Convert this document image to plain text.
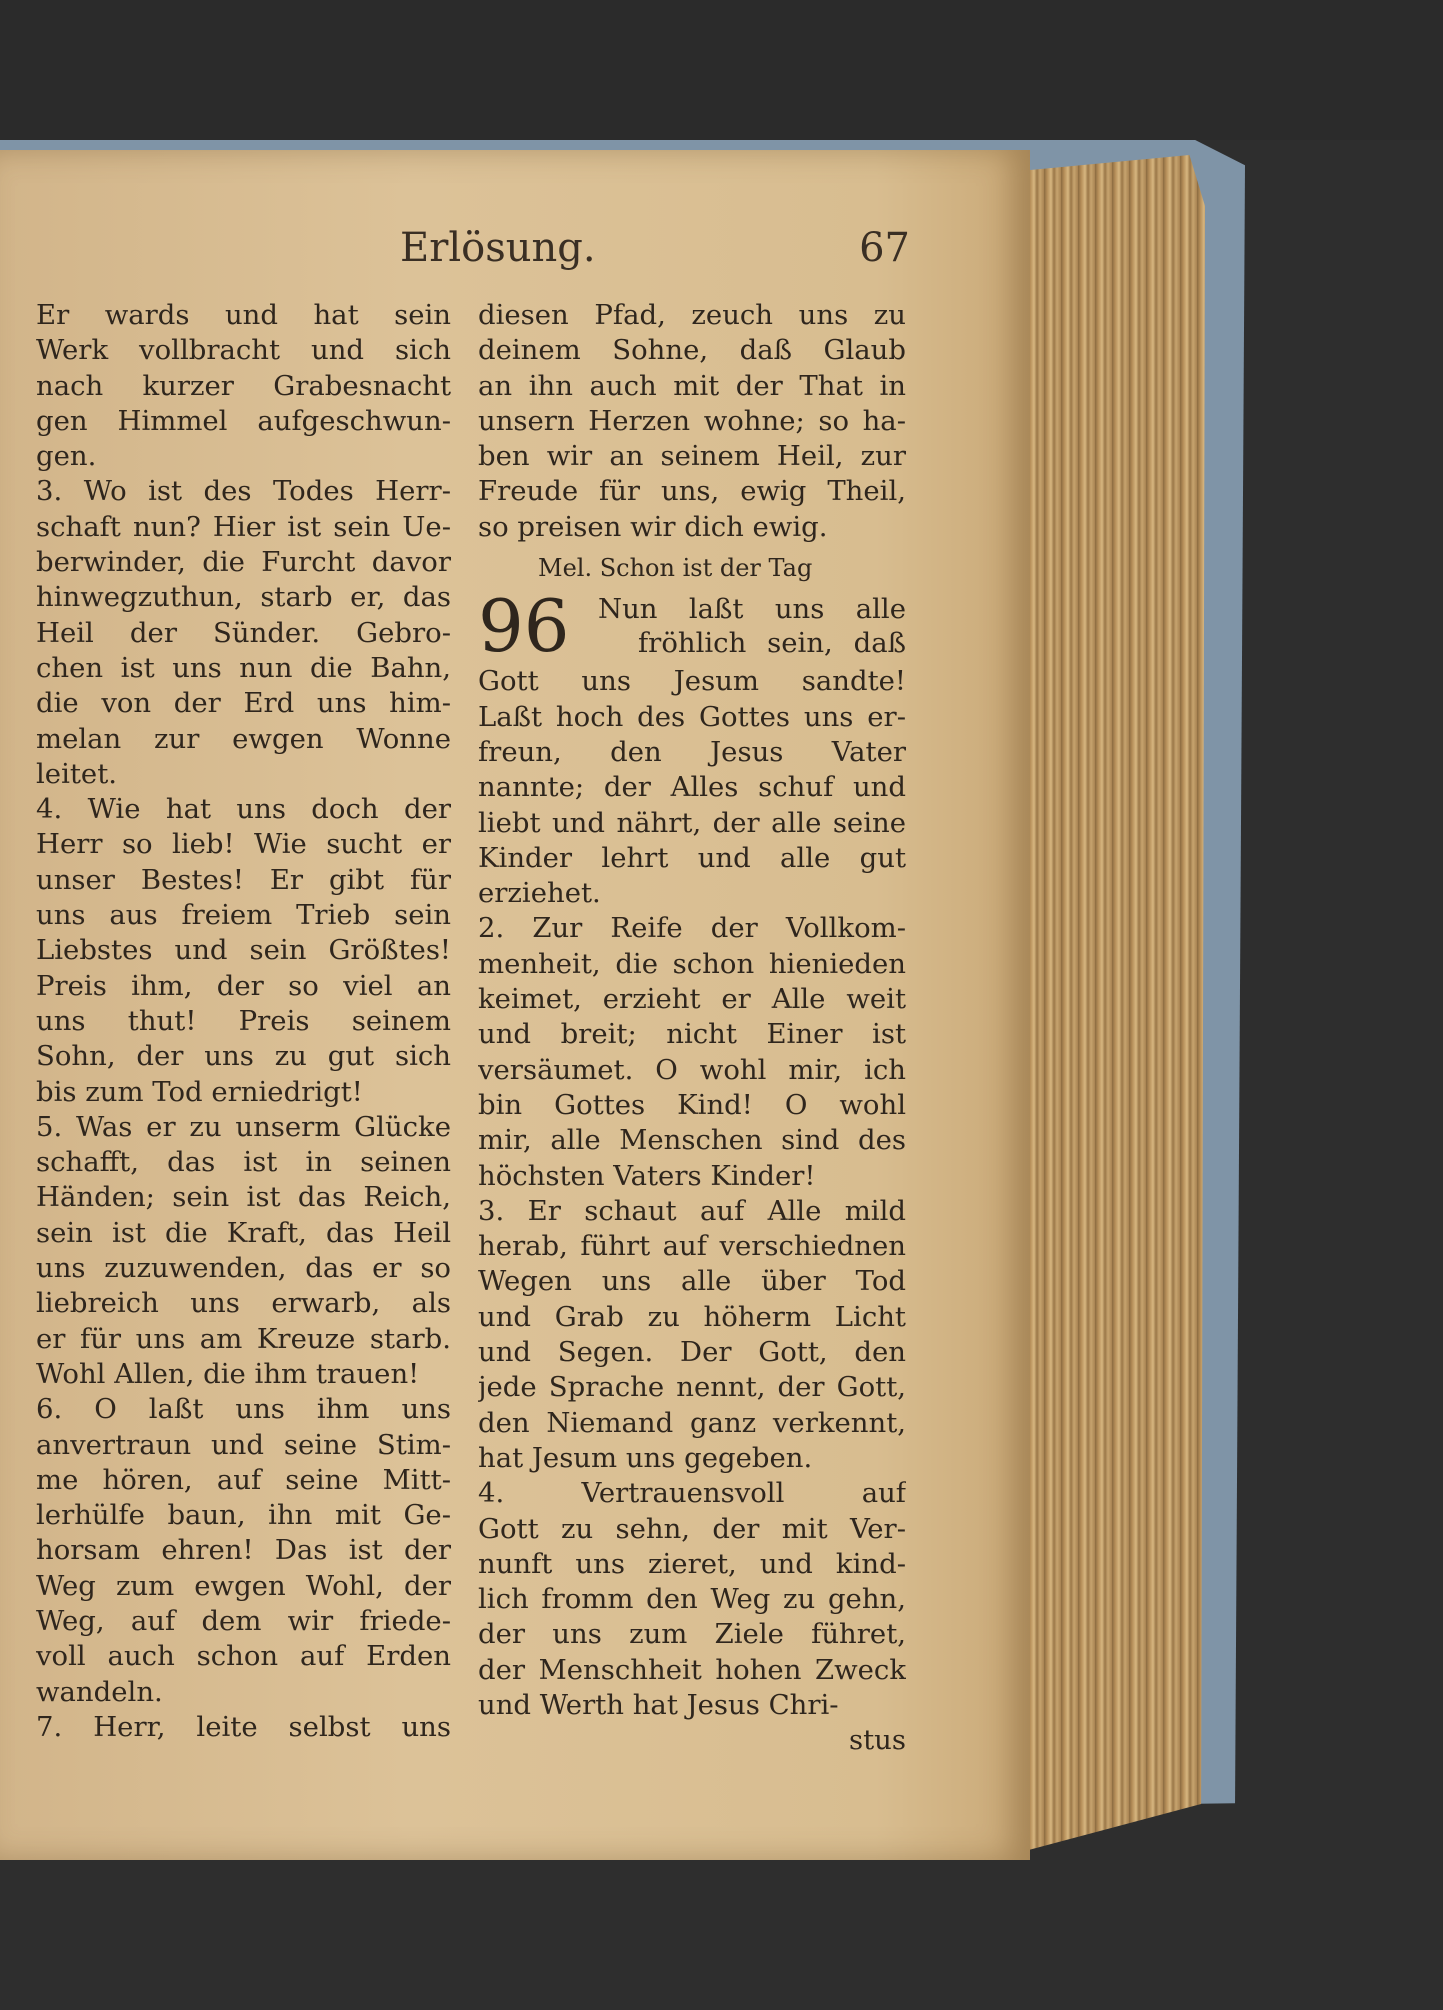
Erlösung.	67
Er wards und hat sein
Werk vollbracht und sich
nach kurzer Grabesnacht
gen Himmel aufgeschwun-
gen.
3. Wo ist des Todes Herr-
schaft nun? Hier ist sein Ue-
berwinder, die Furcht davor
hinwegzuthun, starb er, das
Heil der Sünder. Gebro-
chen ist uns nun die Bahn,
die von der Erd uns him-
melan zur ewgen Wonne
leitet.
4. Wie hat uns doch der
Herr so lieb! Wie sucht er
unser Bestes! Er gibt für
uns aus freiem Trieb sein
Liebstes und sein Größtes!
Preis ihm, der so viel an
uns thut! Preis seinem
Sohn, der uns zu gut sich
bis zum Tod erniedrigt!
5. Was er zu unserm Glücke
schafft, das ist in seinen
Händen; sein ist das Reich,
sein ist die Kraft, das Heil
uns zuzuwenden, das er so
liebreich uns erwarb, als
er für uns am Kreuze starb.
Wohl Allen, die ihm trauen!
6. O laßt uns ihm uns
anvertraun und seine Stim-
me hören, auf seine Mitt-
lerhülfe baun, ihn mit Ge-
horsam ehren! Das ist der
Weg zum ewgen Wohl, der
Weg, auf dem wir friede-
voll auch schon auf Erden
wandeln.
7. Herr, leite selbst uns
diesen Pfad, zeuch uns zu
deinem Sohne, daß Glaub
an ihn auch mit der That in
unsern Herzen wohne; so ha-
ben wir an seinem Heil, zur
Freude für uns, ewig Theil,
so preisen wir dich ewig.
Mel. Schon ist der Tag
96 Nun laßt uns alle
fröhlich sein, daß
Gott uns Jesum sandte!
Laßt hoch des Gottes uns er-
freun, den Jesus Vater
nannte; der Alles schuf und
liebt und nährt, der alle seine
Kinder lehrt und alle gut
erziehet.
2. Zur Reife der Vollkom-
menheit, die schon hienieden
keimet, erzieht er Alle weit
und breit; nicht Einer ist
versäumet. O wohl mir, ich
bin Gottes Kind! O wohl
mir, alle Menschen sind des
höchsten Vaters Kinder!
3. Er schaut auf Alle mild
herab, führt auf verschiednen
Wegen uns alle über Tod
und Grab zu höherm Licht
und Segen. Der Gott, den
jede Sprache nennt, der Gott,
den Niemand ganz verkennt,
hat Jesum uns gegeben.
4. Vertrauensvoll auf
Gott zu sehn, der mit Ver-
nunft uns zieret, und kind-
lich fromm den Weg zu gehn,
der uns zum Ziele führet,
der Menschheit hohen Zweck
und Werth hat Jesus Chri-
stus
